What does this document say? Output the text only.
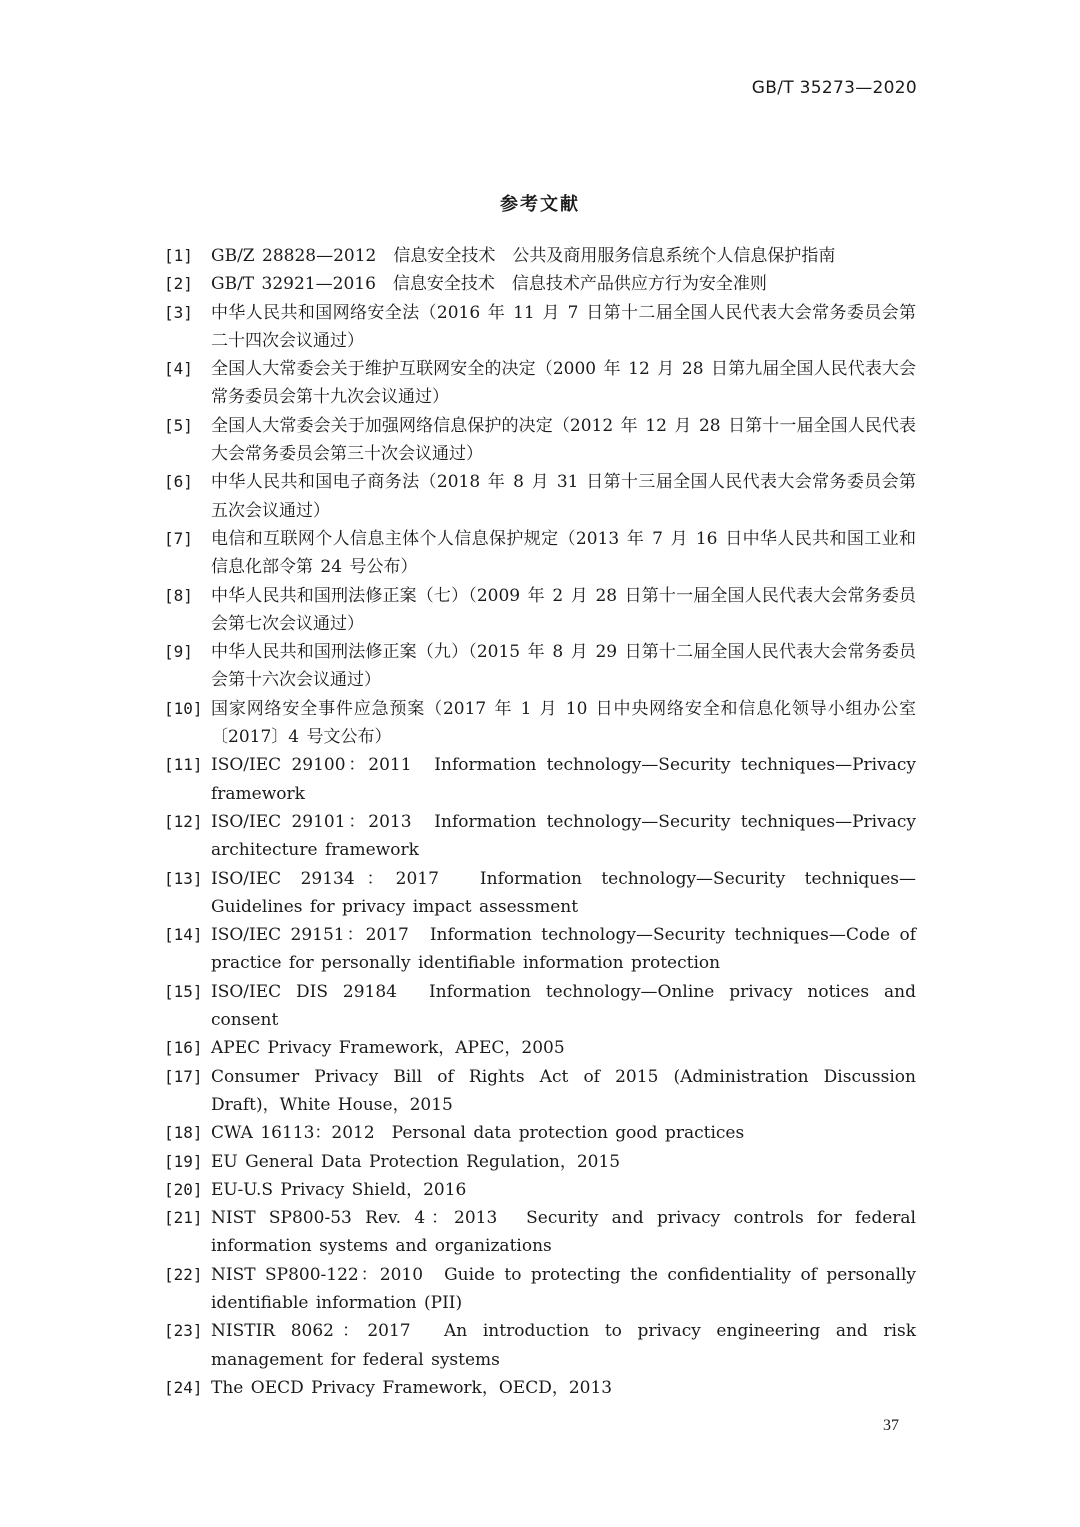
GB/T 35273—2020
参考文献
[1] GB/Z 28828—2012　信息安全技术　公共及商用服务信息系统个人信息保护指南
[2] GB/T 32921—2016　信息安全技术　信息技术产品供应方行为安全准则
[3] 中华人民共和国网络安全法（2016 年 11 月 7 日第十二届全国人民代表大会常务委员会第二十四次会议通过）
[4] 全国人大常委会关于维护互联网安全的决定（2000 年 12 月 28 日第九届全国人民代表大会常务委员会第十九次会议通过）
[5] 全国人大常委会关于加强网络信息保护的决定（2012 年 12 月 28 日第十一届全国人民代表大会常务委员会第三十次会议通过）
[6] 中华人民共和国电子商务法（2018 年 8 月 31 日第十三届全国人民代表大会常务委员会第五次会议通过）
[7] 电信和互联网个人信息主体个人信息保护规定（2013 年 7 月 16 日中华人民共和国工业和信息化部令第 24 号公布）
[8] 中华人民共和国刑法修正案（七）（2009 年 2 月 28 日第十一届全国人民代表大会常务委员会第七次会议通过）
[9] 中华人民共和国刑法修正案（九）（2015 年 8 月 29 日第十二届全国人民代表大会常务委员会第十六次会议通过）
[10] 国家网络安全事件应急预案（2017 年 1 月 10 日中央网络安全和信息化领导小组办公室〔2017〕4 号文公布）
[11] ISO/IEC 29100：2011　Information technology—Security techniques—Privacy framework
[12] ISO/IEC 29101：2013　Information technology—Security techniques—Privacy architecture framework
[13] ISO/IEC 29134：2017　Information technology—Security techniques—Guidelines for privacy impact assessment
[14] ISO/IEC 29151：2017　Information technology—Security techniques—Code of practice for personally identifiable information protection
[15] ISO/IEC DIS 29184　Information technology—Online privacy notices and consent
[16] APEC Privacy Framework，APEC，2005
[17] Consumer Privacy Bill of Rights Act of 2015 (Administration Discussion Draft)，White House，2015
[18] CWA 16113：2012　Personal data protection good practices
[19] EU General Data Protection Regulation，2015
[20] EU-U.S Privacy Shield，2016
[21] NIST SP800-53 Rev. 4：2013　Security and privacy controls for federal information systems and organizations
[22] NIST SP800-122：2010　Guide to protecting the confidentiality of personally identifiable information (PII)
[23] NISTIR 8062：2017　An introduction to privacy engineering and risk management for federal systems
[24] The OECD Privacy Framework，OECD，2013
37
